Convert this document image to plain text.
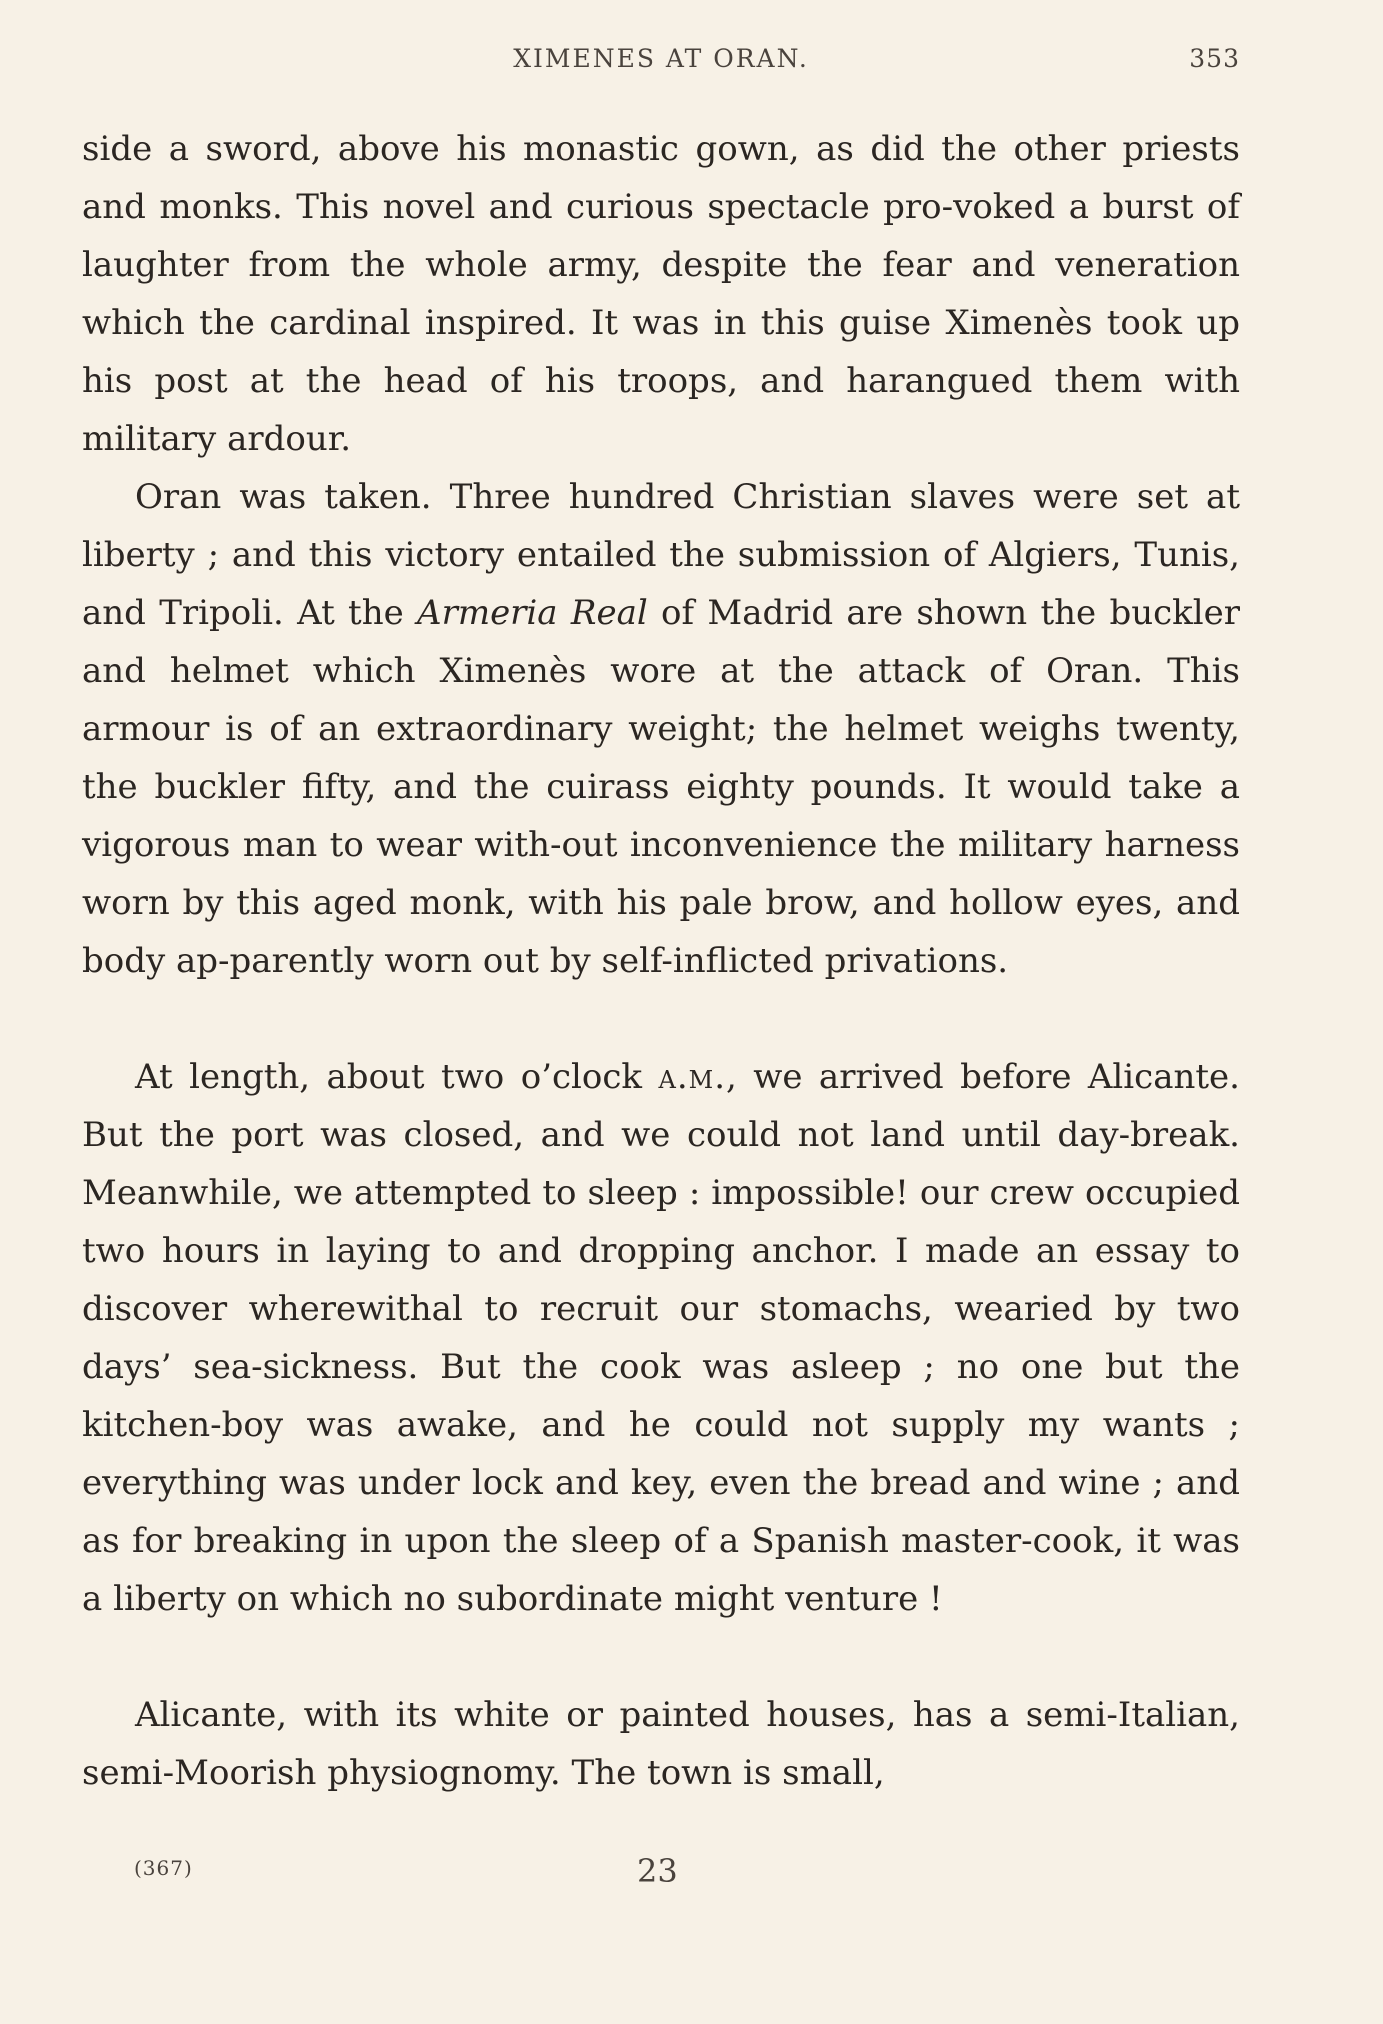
XIMENES AT ORAN.	353

side a sword, above his monastic gown, as did the other priests and monks. This novel and curious spectacle pro-voked a burst of laughter from the whole army, despite the fear and veneration which the cardinal inspired. It was in this guise Ximenès took up his post at the head of his troops, and harangued them with military ardour.

Oran was taken. Three hundred Christian slaves were set at liberty ; and this victory entailed the submission of Algiers, Tunis, and Tripoli. At the Armeria Real of Madrid are shown the buckler and helmet which Ximenès wore at the attack of Oran. This armour is of an extraordinary weight; the helmet weighs twenty, the buckler fifty, and the cuirass eighty pounds. It would take a vigorous man to wear with-out inconvenience the military harness worn by this aged monk, with his pale brow, and hollow eyes, and body ap-parently worn out by self-inflicted privations.

At length, about two o’clock a.m., we arrived before Alicante. But the port was closed, and we could not land until day-break. Meanwhile, we attempted to sleep : impossible! our crew occupied two hours in laying to and dropping anchor. I made an essay to discover wherewithal to recruit our stomachs, wearied by two days’ sea-sickness. But the cook was asleep ; no one but the kitchen-boy was awake, and he could not supply my wants ; everything was under lock and key, even the bread and wine ; and as for breaking in upon the sleep of a Spanish master-cook, it was a liberty on which no subordinate might venture !

Alicante, with its white or painted houses, has a semi-Italian, semi-Moorish physiognomy. The town is small,

(367)	23
